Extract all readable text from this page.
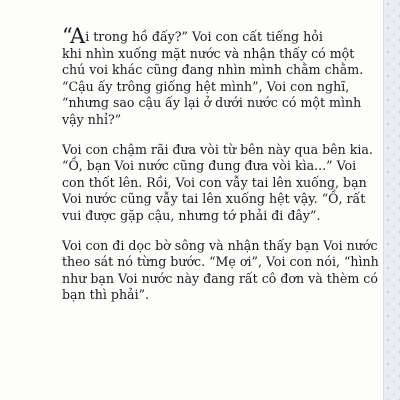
“Ai trong hồ đấy?” Voi con cất tiếng hỏi
khi nhìn xuống mặt nước và nhận thấy có một
chú voi khác cũng đang nhìn mình chằm chằm.
“Cậu ấy trông giống hệt mình”, Voi con nghĩ,
“nhưng sao cậu ấy lại ở dưới nước có một mình
vậy nhỉ?”

Voi con chậm rãi đưa vòi từ bên này qua bên kia.
“Ồ, bạn Voi nước cũng đung đưa vòi kìa...” Voi
con thốt lên. Rồi, Voi con vẫy tai lên xuống, bạn
Voi nước cũng vẫy tai lên xuống hệt vậy. “Ồ, rất
vui được gặp cậu, nhưng tớ phải đi đây”.

Voi con đi dọc bờ sông và nhận thấy bạn Voi nước
theo sát nó từng bước. “Mẹ ơi”, Voi con nói, “hình
như bạn Voi nước này đang rất cô đơn và thèm có
bạn thì phải”.
